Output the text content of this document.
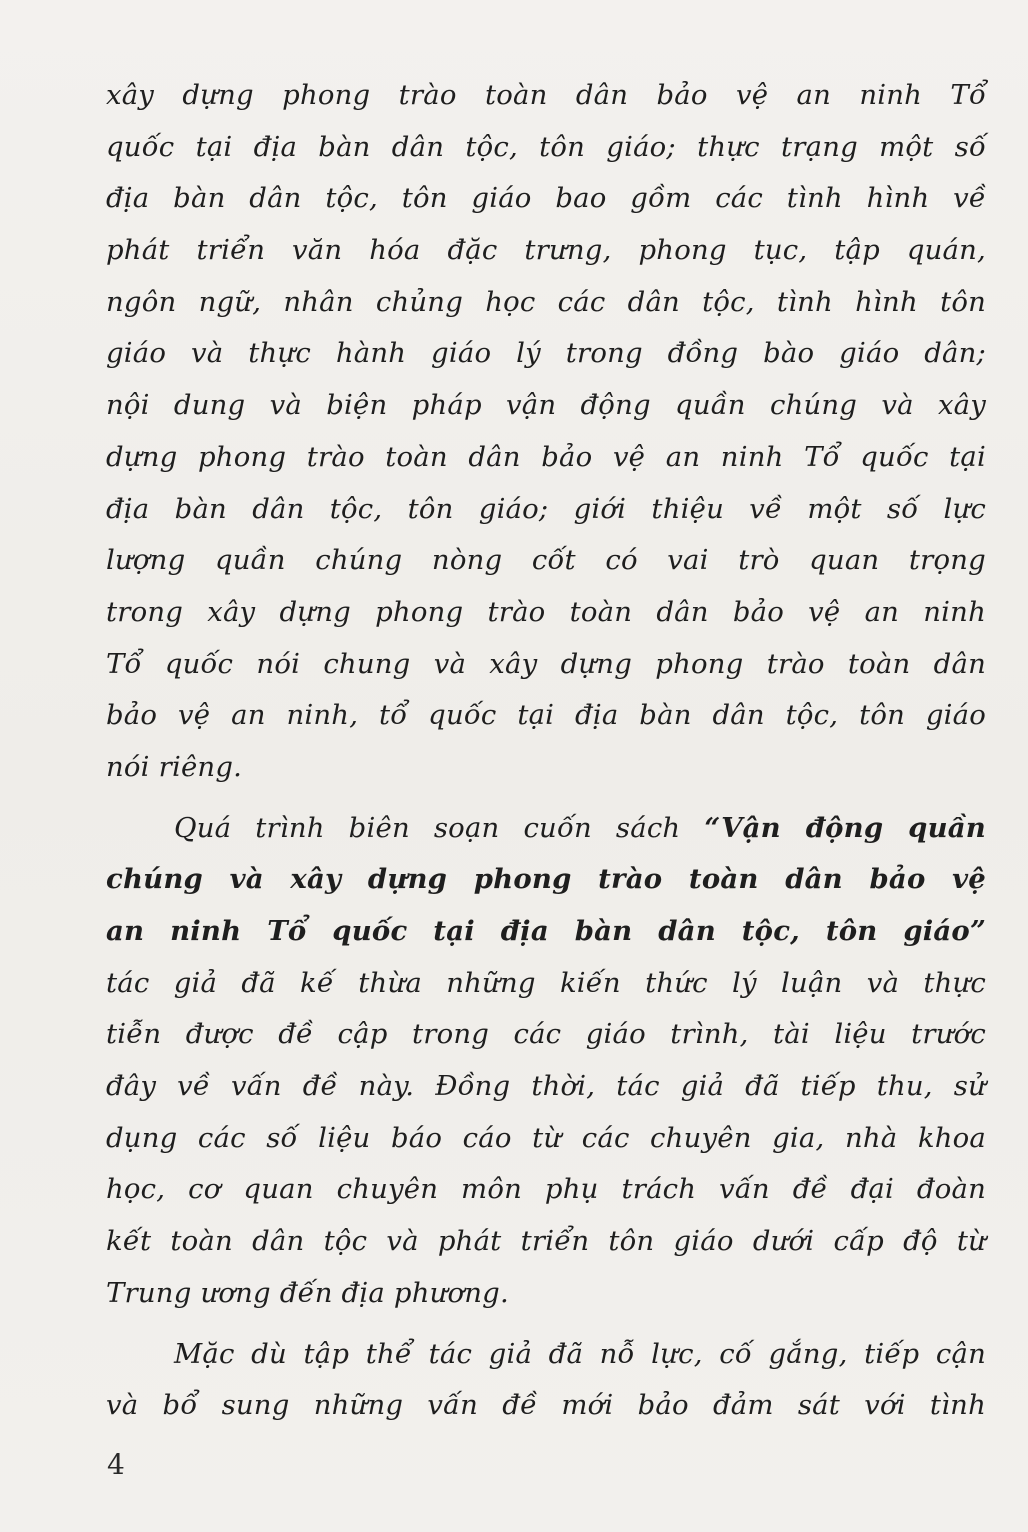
xây dựng phong trào toàn dân bảo vệ an ninh Tổ
quốc tại địa bàn dân tộc, tôn giáo; thực trạng một số
địa bàn dân tộc, tôn giáo bao gồm các tình hình về
phát triển văn hóa đặc trưng, phong tục, tập quán,
ngôn ngữ, nhân chủng học các dân tộc, tình hình tôn
giáo và thực hành giáo lý trong đồng bào giáo dân;
nội dung và biện pháp vận động quần chúng và xây
dựng phong trào toàn dân bảo vệ an ninh Tổ quốc tại
địa bàn dân tộc, tôn giáo; giới thiệu về một số lực
lượng quần chúng nòng cốt có vai trò quan trọng
trong xây dựng phong trào toàn dân bảo vệ an ninh
Tổ quốc nói chung và xây dựng phong trào toàn dân
bảo vệ an ninh, tổ quốc tại địa bàn dân tộc, tôn giáo
nói riêng.
Quá trình biên soạn cuốn sách “Vận động quần
chúng và xây dựng phong trào toàn dân bảo vệ
an ninh Tổ quốc tại địa bàn dân tộc, tôn giáo”
tác giả đã kế thừa những kiến thức lý luận và thực
tiễn được đề cập trong các giáo trình, tài liệu trước
đây về vấn đề này. Đồng thời, tác giả đã tiếp thu, sử
dụng các số liệu báo cáo từ các chuyên gia, nhà khoa
học, cơ quan chuyên môn phụ trách vấn đề đại đoàn
kết toàn dân tộc và phát triển tôn giáo dưới cấp độ từ
Trung ương đến địa phương.
Mặc dù tập thể tác giả đã nỗ lực, cố gắng, tiếp cận
và bổ sung những vấn đề mới bảo đảm sát với tình
4
